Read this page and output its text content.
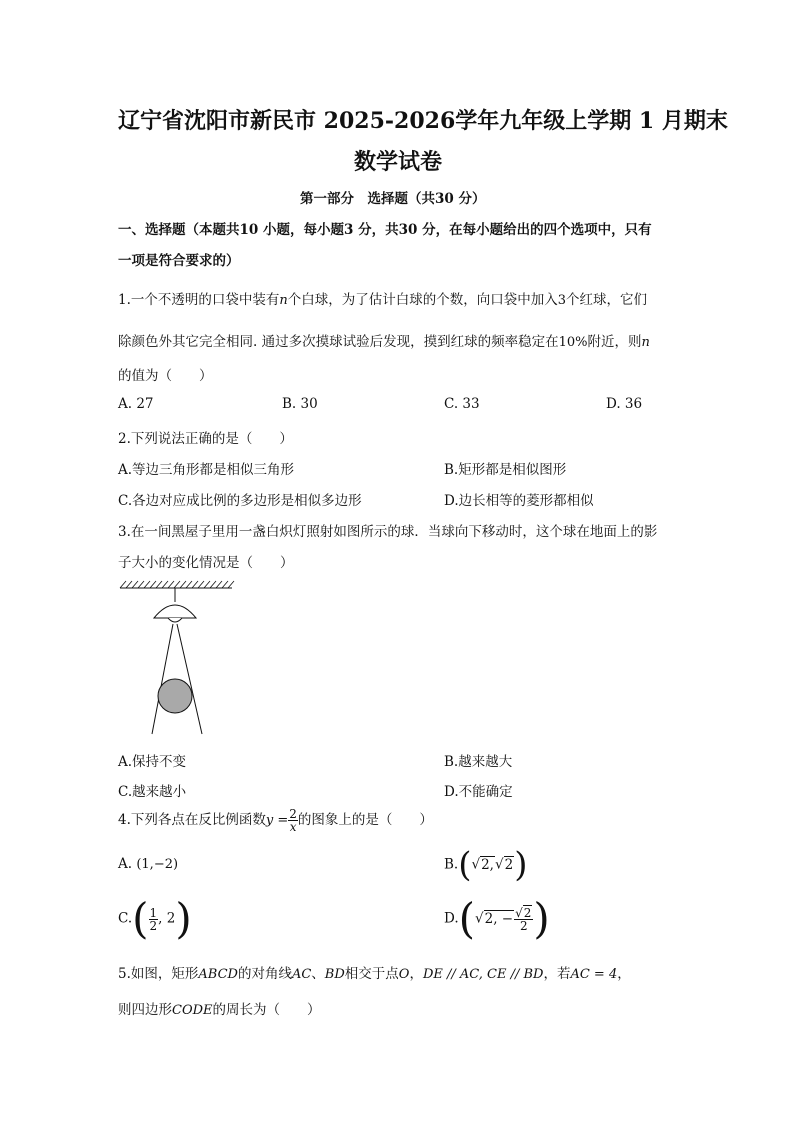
辽宁省沈阳市新民市 2025-2026学年九年级上学期 1 月期末
数学试卷
第一部分　选择题（共30 分）
一、选择题（本题共10 小题，每小题3 分，共30 分，在每小题给出的四个选项中，只有
一项是符合要求的）
1.一个不透明的口袋中装有n个白球，为了估计白球的个数，向口袋中加入3个红球，它们
除颜色外其它完全相同. 通过多次摸球试验后发现，摸到红球的频率稳定在10%附近，则n
的值为（　　）
A. 27	B. 30	C. 33	D. 36
2.下列说法正确的是（　　）
A.等边三角形都是相似三角形	B.矩形都是相似图形
C.各边对应成比例的多边形是相似多边形	D.边长相等的菱形都相似
3.在一间黑屋子里用一盏白炽灯照射如图所示的球．当球向下移动时，这个球在地面上的影
子大小的变化情况是（　　）
A.保持不变	B.越来越大
C.越来越小	D.不能确定
4.下列各点在反比例函数$y = \frac{2}{x}$ 的图象上的是（　　）
A. (1,−2)	B.(√2,√2)
$C.( \frac{1}{2}$ , 2)	D.(√2, − $\frac{√2}{2}$ )
5.如图，矩形ABCD的对角线AC、BD相交于点O，DE // AC, CE // BD，若AC = 4，
则四边形CODE的周长为（　　）
